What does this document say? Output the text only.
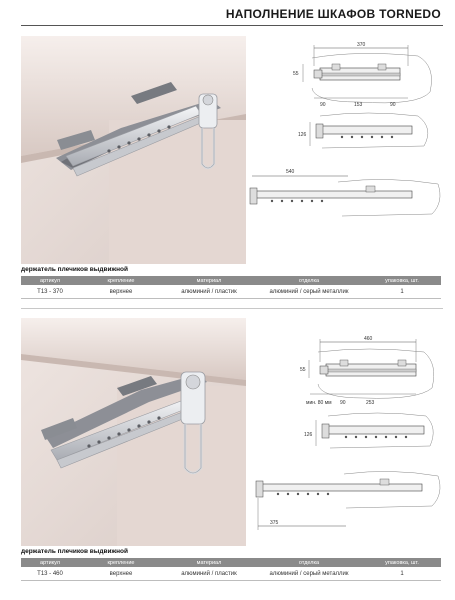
НАПОЛНЕНИЕ ШКАФОВ TORNEDO
370
55
90	153	90
126
540
держатель плечиков выдвижной
артикул	крепление	материал	отделка	упаковка, шт.
T13 - 370	верхнее	алюминий / пластик	алюминий / серый металлик	1
460
55
мин. 80 мм 90	253
126
375
держатель плечиков выдвижной
артикул	крепление	материал	отделка	упаковка, шт.
T13 - 460	верхнее	алюминий / пластик	алюминий / серый металлик	1
